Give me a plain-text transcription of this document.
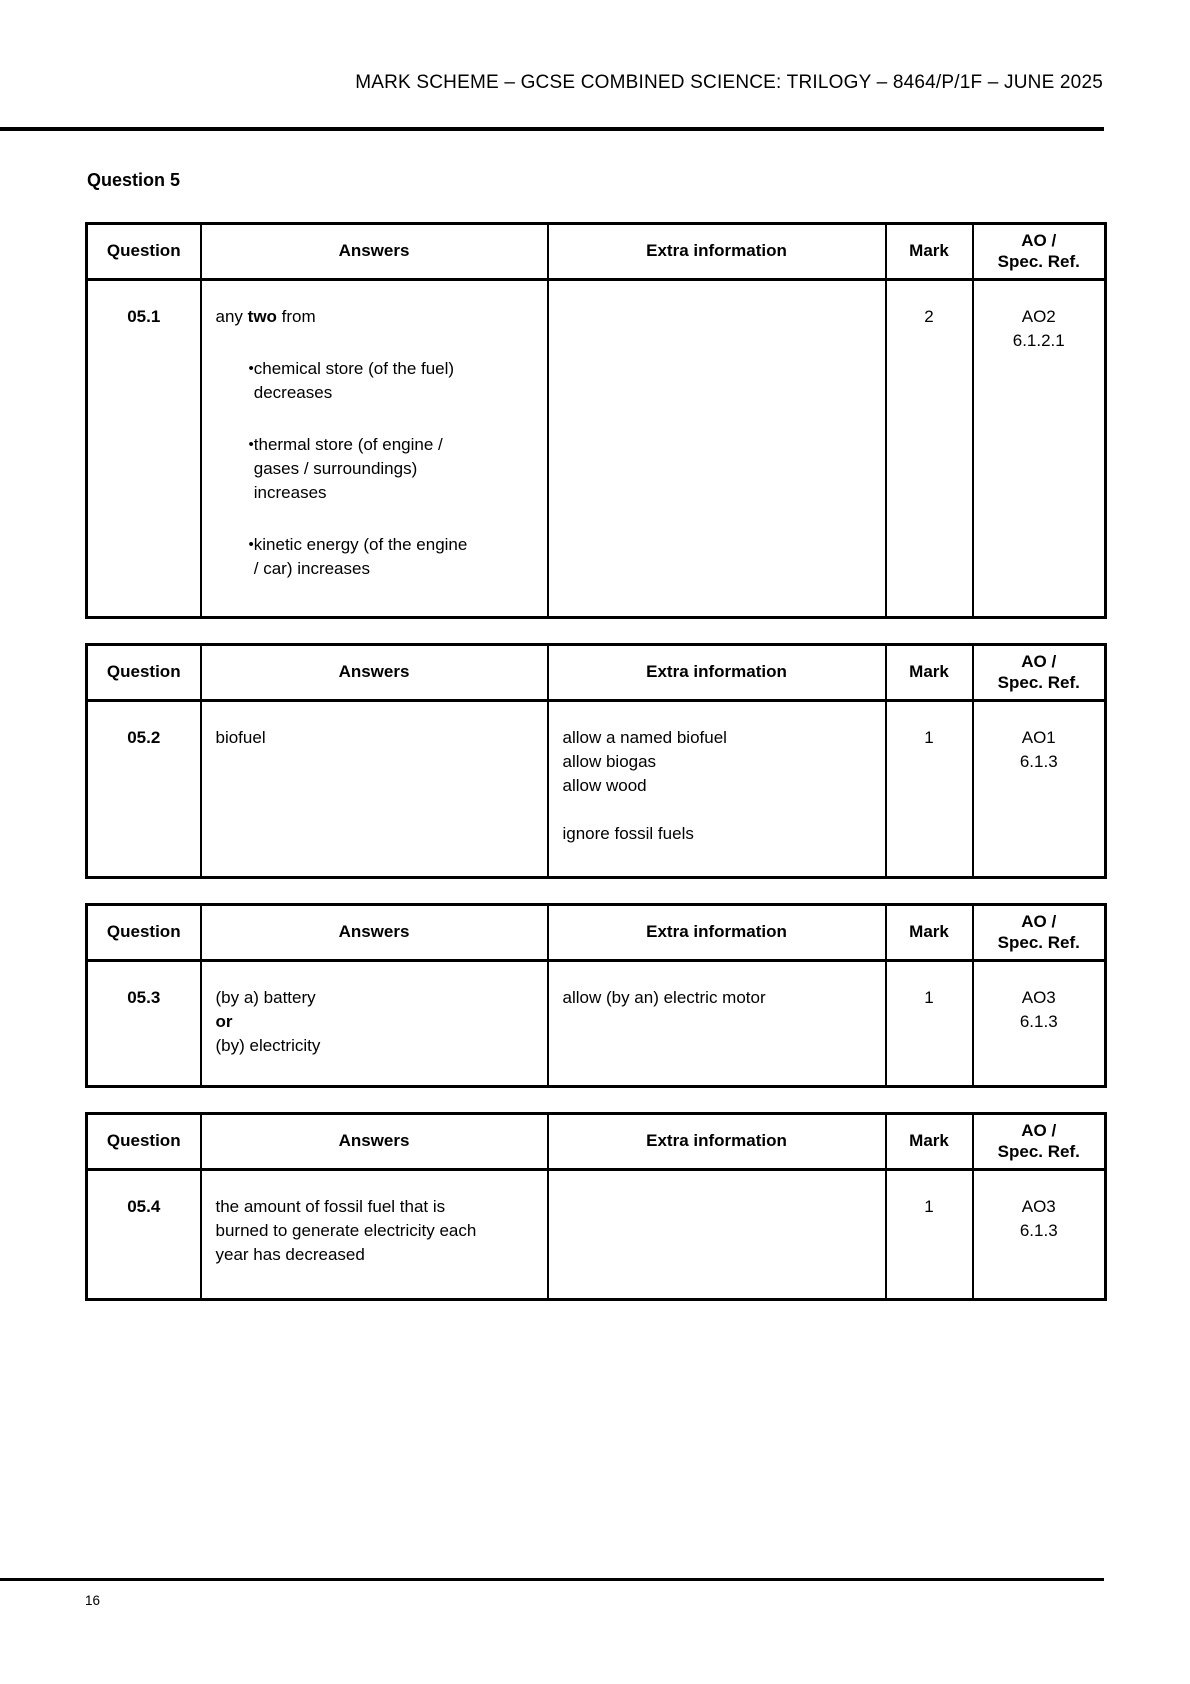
MARK SCHEME – GCSE COMBINED SCIENCE: TRILOGY – 8464/P/1F – JUNE 2025
Question 5
Question	Answers	Extra information	Mark	AO /
Spec. Ref.
05.1	any two from

• chemical store (of the fuel) decreases
• thermal store (of engine / gases / surroundings) increases
• kinetic energy (of the engine / car) increases
		2	AO2
6.1.2.1
Question	Answers	Extra information	Mark	AO /
Spec. Ref.
05.2	biofuel	allow a named biofuel
allow biogas
allow wood
ignore fossil fuels
	1	AO1
6.1.3
Question	Answers	Extra information	Mark	AO /
Spec. Ref.
05.3	(by a) battery
or
(by) electricity
	allow (by an) electric motor	1	AO3
6.1.3
Question	Answers	Extra information	Mark	AO /
Spec. Ref.
05.4	the amount of fossil fuel that is burned to generate electricity each year has decreased		1	AO3
6.1.3
16
